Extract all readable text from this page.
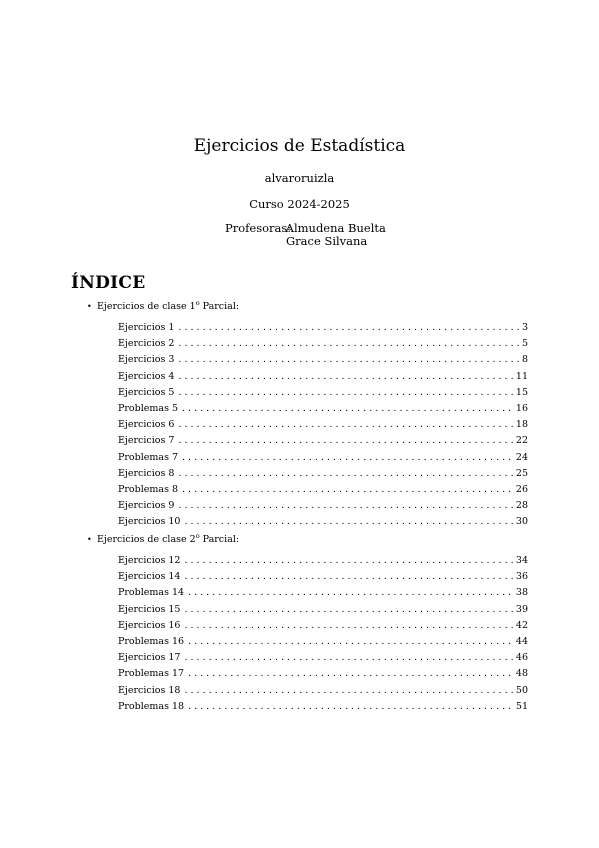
Ejercicios de Estadística
alvaroruizla
Curso 2024-2025
Profesoras: Almudena Buelta
Grace Silvana
ÍNDICE
• Ejercicios de clase 1$^o$ Parcial:
Ejercicios 1 . . .	3
Ejercicios 2 . . .	5
Ejercicios 3 . . .	8
Ejercicios 4 . . .	11
Ejercicios 5 . . .	15
Problemas 5 . . .	16
Ejercicios 6 . . .	18
Ejercicios 7 . . .	22
Problemas 7 . . .	24
Ejercicios 8 . . .	25
Problemas 8 . . .	26
Ejercicios 9 . . .	28
Ejercicios 10 . . .	30
• Ejercicios de clase 2$^o$ Parcial:
Ejercicios 12 . . .	34
Ejercicios 14 . . .	36
Problemas 14 . . .	38
Ejercicios 15 . . .	39
Ejercicios 16 . . .	42
Problemas 16 . . .	44
Ejercicios 17 . . .	46
Problemas 17 . . .	48
Ejercicios 18 . . .	50
Problemas 18 . . .	51
